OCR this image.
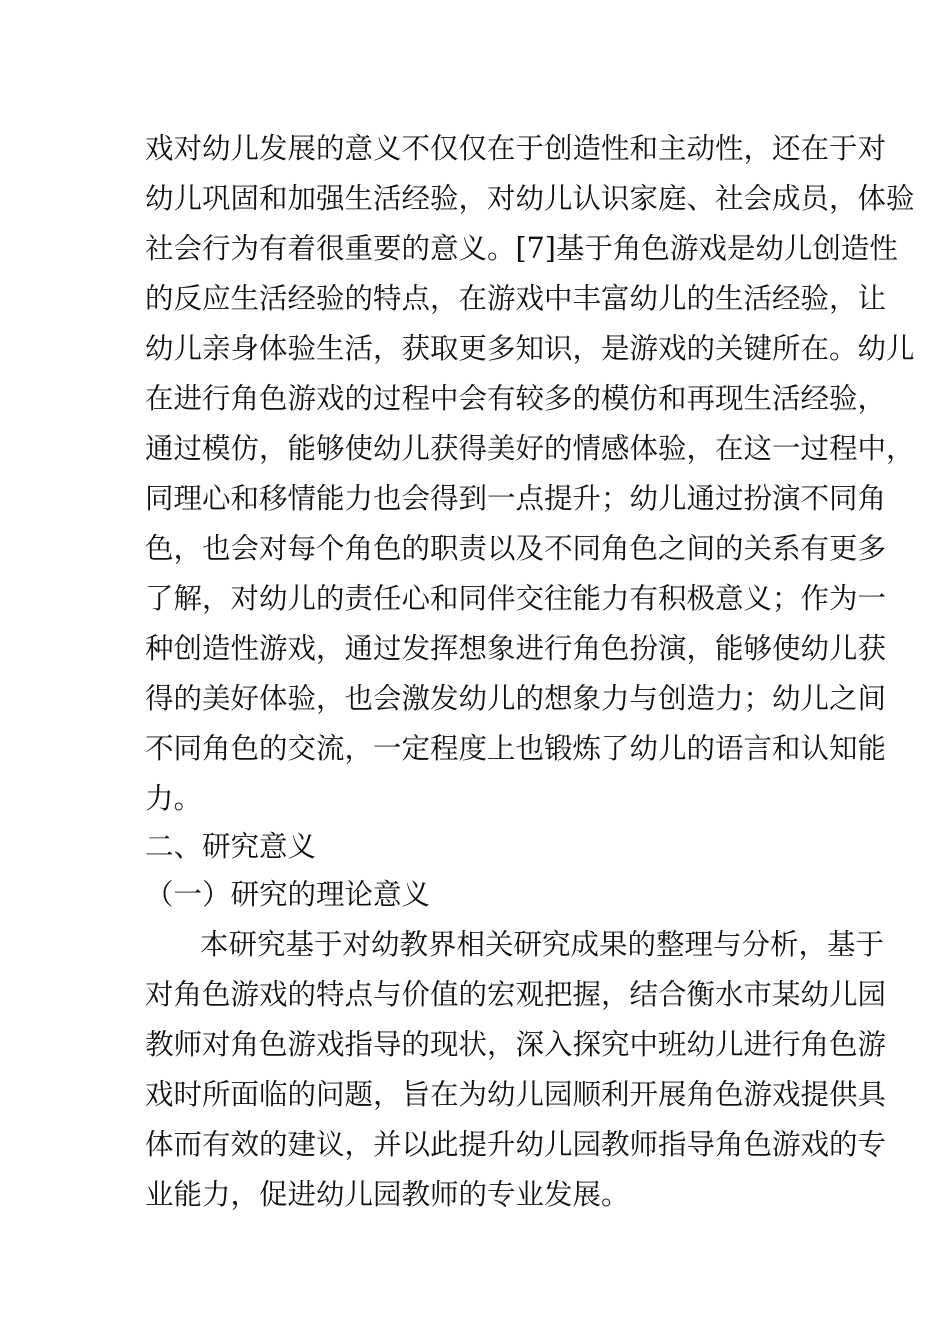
戏对幼儿发展的意义不仅仅在于创造性和主动性，还在于对
幼儿巩固和加强生活经验，对幼儿认识家庭、社会成员，体验
社会行为有着很重要的意义。[7]基于角色游戏是幼儿创造性
的反应生活经验的特点，在游戏中丰富幼儿的生活经验，让
幼儿亲身体验生活，获取更多知识，是游戏的关键所在。幼儿
在进行角色游戏的过程中会有较多的模仿和再现生活经验，
通过模仿，能够使幼儿获得美好的情感体验，在这一过程中，
同理心和移情能力也会得到一点提升；幼儿通过扮演不同角
色，也会对每个角色的职责以及不同角色之间的关系有更多
了解，对幼儿的责任心和同伴交往能力有积极意义；作为一
种创造性游戏，通过发挥想象进行角色扮演，能够使幼儿获
得的美好体验，也会激发幼儿的想象力与创造力；幼儿之间
不同角色的交流，一定程度上也锻炼了幼儿的语言和认知能
力。
二、研究意义
（一）研究的理论意义
本研究基于对幼教界相关研究成果的整理与分析，基于
对角色游戏的特点与价值的宏观把握，结合衡水市某幼儿园
教师对角色游戏指导的现状，深入探究中班幼儿进行角色游
戏时所面临的问题，旨在为幼儿园顺利开展角色游戏提供具
体而有效的建议，并以此提升幼儿园教师指导角色游戏的专
业能力，促进幼儿园教师的专业发展。
